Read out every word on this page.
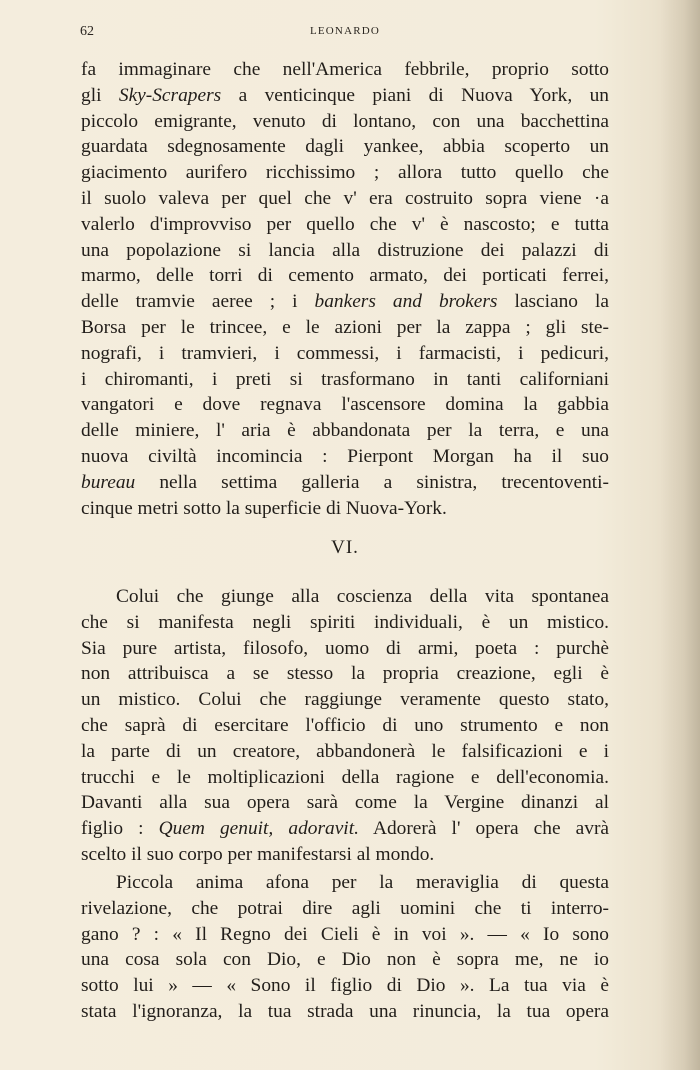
62	LEONARDO
fa immaginare che nell'America febbrile, proprio sotto
gli Sky-Scrapers a venticinque piani di Nuova York, un
piccolo emigrante, venuto di lontano, con una bacchettina
guardata sdegnosamente dagli yankee, abbia scoperto un
giacimento aurifero ricchissimo ; allora tutto quello che
il suolo valeva per quel che v' era costruito sopra viene ·a
valerlo d'improvviso per quello che v' è nascosto; e tutta
una popolazione si lancia alla distruzione dei palazzi di
marmo, delle torri di cemento armato, dei porticati ferrei,
delle tramvie aeree ; i bankers and brokers lasciano la
Borsa per le trincee, e le azioni per la zappa ; gli ste-
nografi, i tramvieri, i commessi, i farmacisti, i pedicuri,
i chiromanti, i preti si trasformano in tanti californiani
vangatori e dove regnava l'ascensore domina la gabbia
delle miniere, l' aria è abbandonata per la terra, e una
nuova civiltà incomincia : Pierpont Morgan ha il suo
bureau nella settima galleria a sinistra, trecentoventi-
cinque metri sotto la superficie di Nuova-York.
VI.
Colui che giunge alla coscienza della vita spontanea
che si manifesta negli spiriti individuali, è un mistico.
Sia pure artista, filosofo, uomo di armi, poeta : purchè
non attribuisca a se stesso la propria creazione, egli è
un mistico. Colui che raggiunge veramente questo stato,
che saprà di esercitare l'officio di uno strumento e non
la parte di un creatore, abbandonerà le falsificazioni e i
trucchi e le moltiplicazioni della ragione e dell'economia.
Davanti alla sua opera sarà come la Vergine dinanzi al
figlio : Quem genuit, adoravit. Adorerà l' opera che avrà
scelto il suo corpo per manifestarsi al mondo.
Piccola anima afona per la meraviglia di questa
rivelazione, che potrai dire agli uomini che ti interro-
gano ? : « Il Regno dei Cieli è in voi ». — « Io sono
una cosa sola con Dio, e Dio non è sopra me, ne io
sotto lui » — « Sono il figlio di Dio ». La tua via è
stata l'ignoranza, la tua strada una rinuncia, la tua opera
